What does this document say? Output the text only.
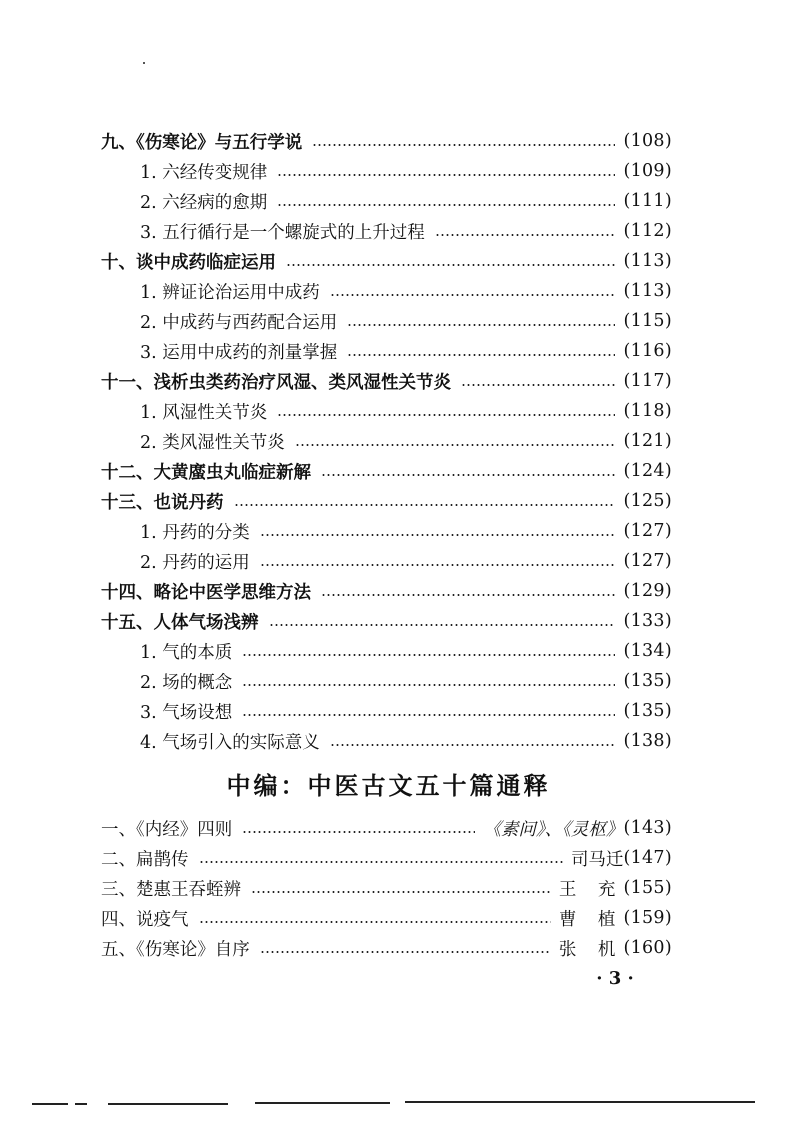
九、《伤寒论》与五行学说	(108)
1. 六经传变规律	(109)
2. 六经病的愈期	(111)
3. 五行循行是一个螺旋式的上升过程	(112)
十、谈中成药临症运用	(113)
1. 辨证论治运用中成药	(113)
2. 中成药与西药配合运用	(115)
3. 运用中成药的剂量掌握	(116)
十一、浅析虫类药治疗风湿、类风湿性关节炎	(117)
1. 风湿性关节炎	(118)
2. 类风湿性关节炎	(121)
十二、大黄䗪虫丸临症新解	(124)
十三、也说丹药	(125)
1. 丹药的分类	(127)
2. 丹药的运用	(127)
十四、略论中医学思维方法	(129)
十五、人体气场浅辨	(133)
1. 气的本质	(134)
2. 场的概念	(135)
3. 气场设想	(135)
4. 气场引入的实际意义	(138)
中编：中医古文五十篇通释
一、《内经》四则	《素问》、《灵枢》 (143)
二、扁鹊传	司马迁 (147)
三、楚惠王吞蛭辨	王 充 (155)
四、说疫气	曹 植 (159)
五、《伤寒论》自序	张 机 (160)
· 3 ·
